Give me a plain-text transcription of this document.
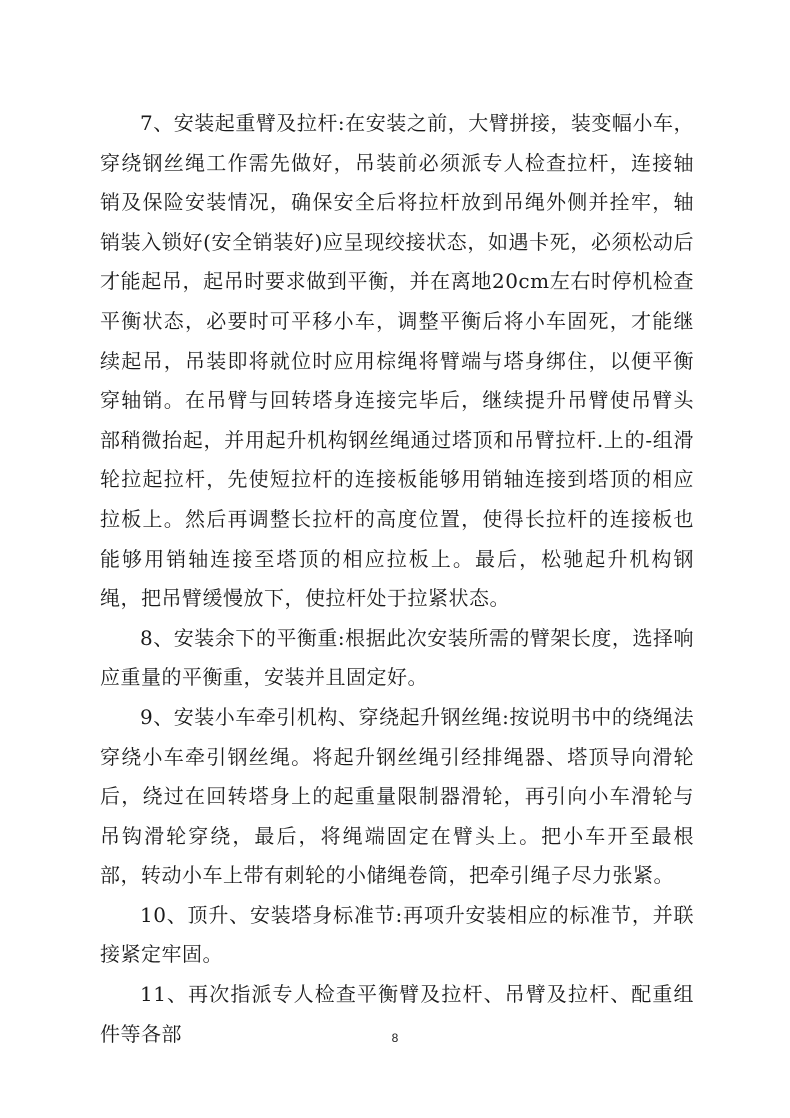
7、安装起重臂及拉杆:在安装之前，大臂拼接，装变幅小车，穿绕钢丝绳工作需先做好，吊装前必须派专人检查拉杆，连接轴销及保险安装情况，确保安全后将拉杆放到吊绳外侧并拴牢，轴销装入锁好(安全销装好)应呈现绞接状态，如遇卡死，必须松动后才能起吊，起吊时要求做到平衡，并在离地20cm左右时停机检查平衡状态，必要时可平移小车，调整平衡后将小车固死，才能继续起吊，吊装即将就位时应用棕绳将臂端与塔身绑住，以便平衡穿轴销。在吊臂与回转塔身连接完毕后，继续提升吊臂使吊臂头部稍微抬起，并用起升机构钢丝绳通过塔顶和吊臂拉杆.上的-组滑轮拉起拉杆，先使短拉杆的连接板能够用销轴连接到塔顶的相应拉板上。然后再调整长拉杆的高度位置，使得长拉杆的连接板也能够用销轴连接至塔顶的相应拉板上。最后，松驰起升机构钢绳，把吊臂缓慢放下，使拉杆处于拉紧状态。

8、安装余下的平衡重:根据此次安装所需的臂架长度，选择响应重量的平衡重，安装并且固定好。

9、安装小车牵引机构、穿绕起升钢丝绳:按说明书中的绕绳法穿绕小车牵引钢丝绳。将起升钢丝绳引经排绳器、塔顶导向滑轮后，绕过在回转塔身上的起重量限制器滑轮，再引向小车滑轮与吊钩滑轮穿绕，最后，将绳端固定在臂头上。把小车开至最根部，转动小车上带有刺轮的小储绳卷筒，把牵引绳子尽力张紧。

10、顶升、安装塔身标准节:再项升安装相应的标准节，并联接紧定牢固。

11、再次指派专人检查平衡臂及拉杆、吊臂及拉杆、配重组件等各部	8
